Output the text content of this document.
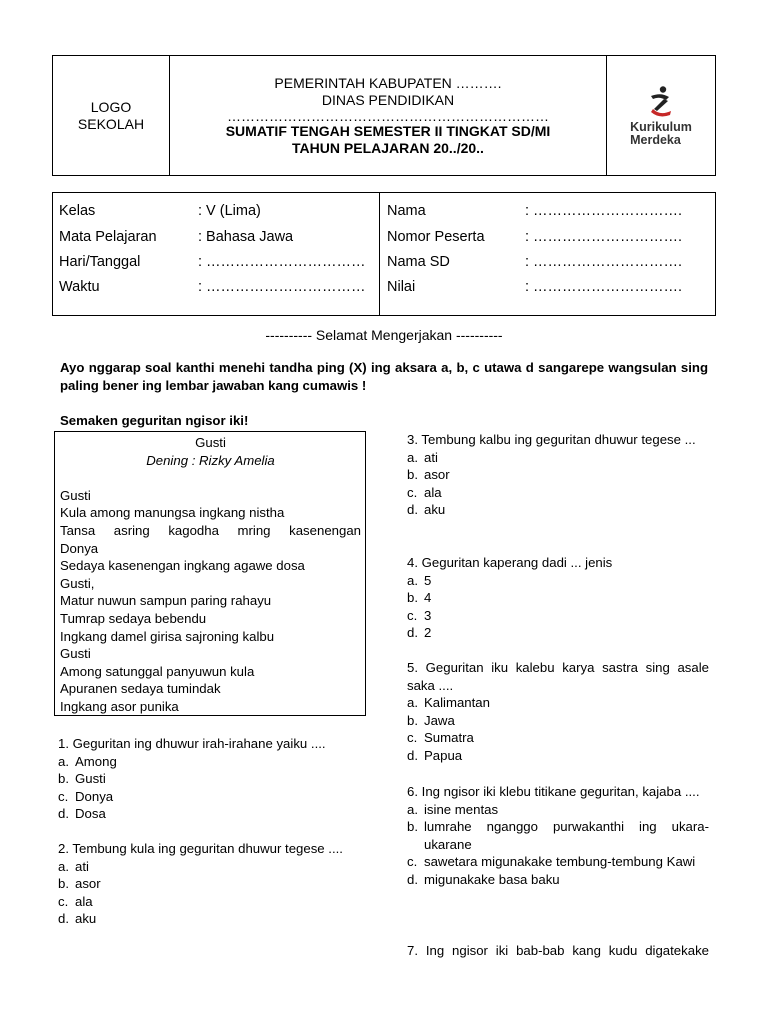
LOGO
SEKOLAH
PEMERINTAH KABUPATEN ……….
DINAS PENDIDIKAN
……………………………………………………………
SUMATIF TENGAH SEMESTER II TINGKAT SD/MI
TAHUN PELAJARAN 20../20..
Kurikulum
Merdeka
Kelas	: V (Lima)
Mata Pelajaran	: Bahasa Jawa
Hari/Tanggal	: ……………………………
Waktu	: ……………………………
Nama	: ………………………….
Nomor Peserta	: ………………………….
Nama SD	: ………………………….
Nilai	: ………………………….
---------- Selamat Mengerjakan ----------
Ayo nggarap soal kanthi menehi tandha ping (X) ing aksara a, b, c utawa d sangarepe wangsulan sing paling bener ing lembar jawaban kang cumawis !
Semaken geguritan ngisor iki!
Gusti
Dening : Rizky Amelia
Gusti
Kula among manungsa ingkang nistha
Tansa asring kagodha mring kasenengan
Donya
Sedaya kasenengan ingkang agawe dosa
Gusti,
Matur nuwun sampun paring rahayu
Tumrap sedaya bebendu
Ingkang damel girisa sajroning kalbu
Gusti
Among satunggal panyuwun kula
Apuranen sedaya tumindak
Ingkang asor punika
1. Geguritan ing dhuwur irah-irahane yaiku ....
a. Among
b. Gusti
c. Donya
d. Dosa
2. Tembung kula ing geguritan dhuwur tegese ....
a. ati
b. asor
c. ala
d. aku
3. Tembung kalbu ing geguritan dhuwur tegese ...
a. ati
b. asor
c. ala
d. aku
4. Geguritan kaperang dadi ... jenis
a. 5
b. 4
c. 3
d. 2
5. Geguritan iku kalebu karya sastra sing asale saka ....
a. Kalimantan
b. Jawa
c. Sumatra
d. Papua
6. Ing ngisor iki klebu titikane geguritan, kajaba ....
a. isine mentas
b. lumrahe nganggo purwakanthi ing ukara-ukarane
c. sawetara migunakake tembung-tembung Kawi
d. migunakake basa baku
7. Ing ngisor iki bab-bab kang kudu digatekake
